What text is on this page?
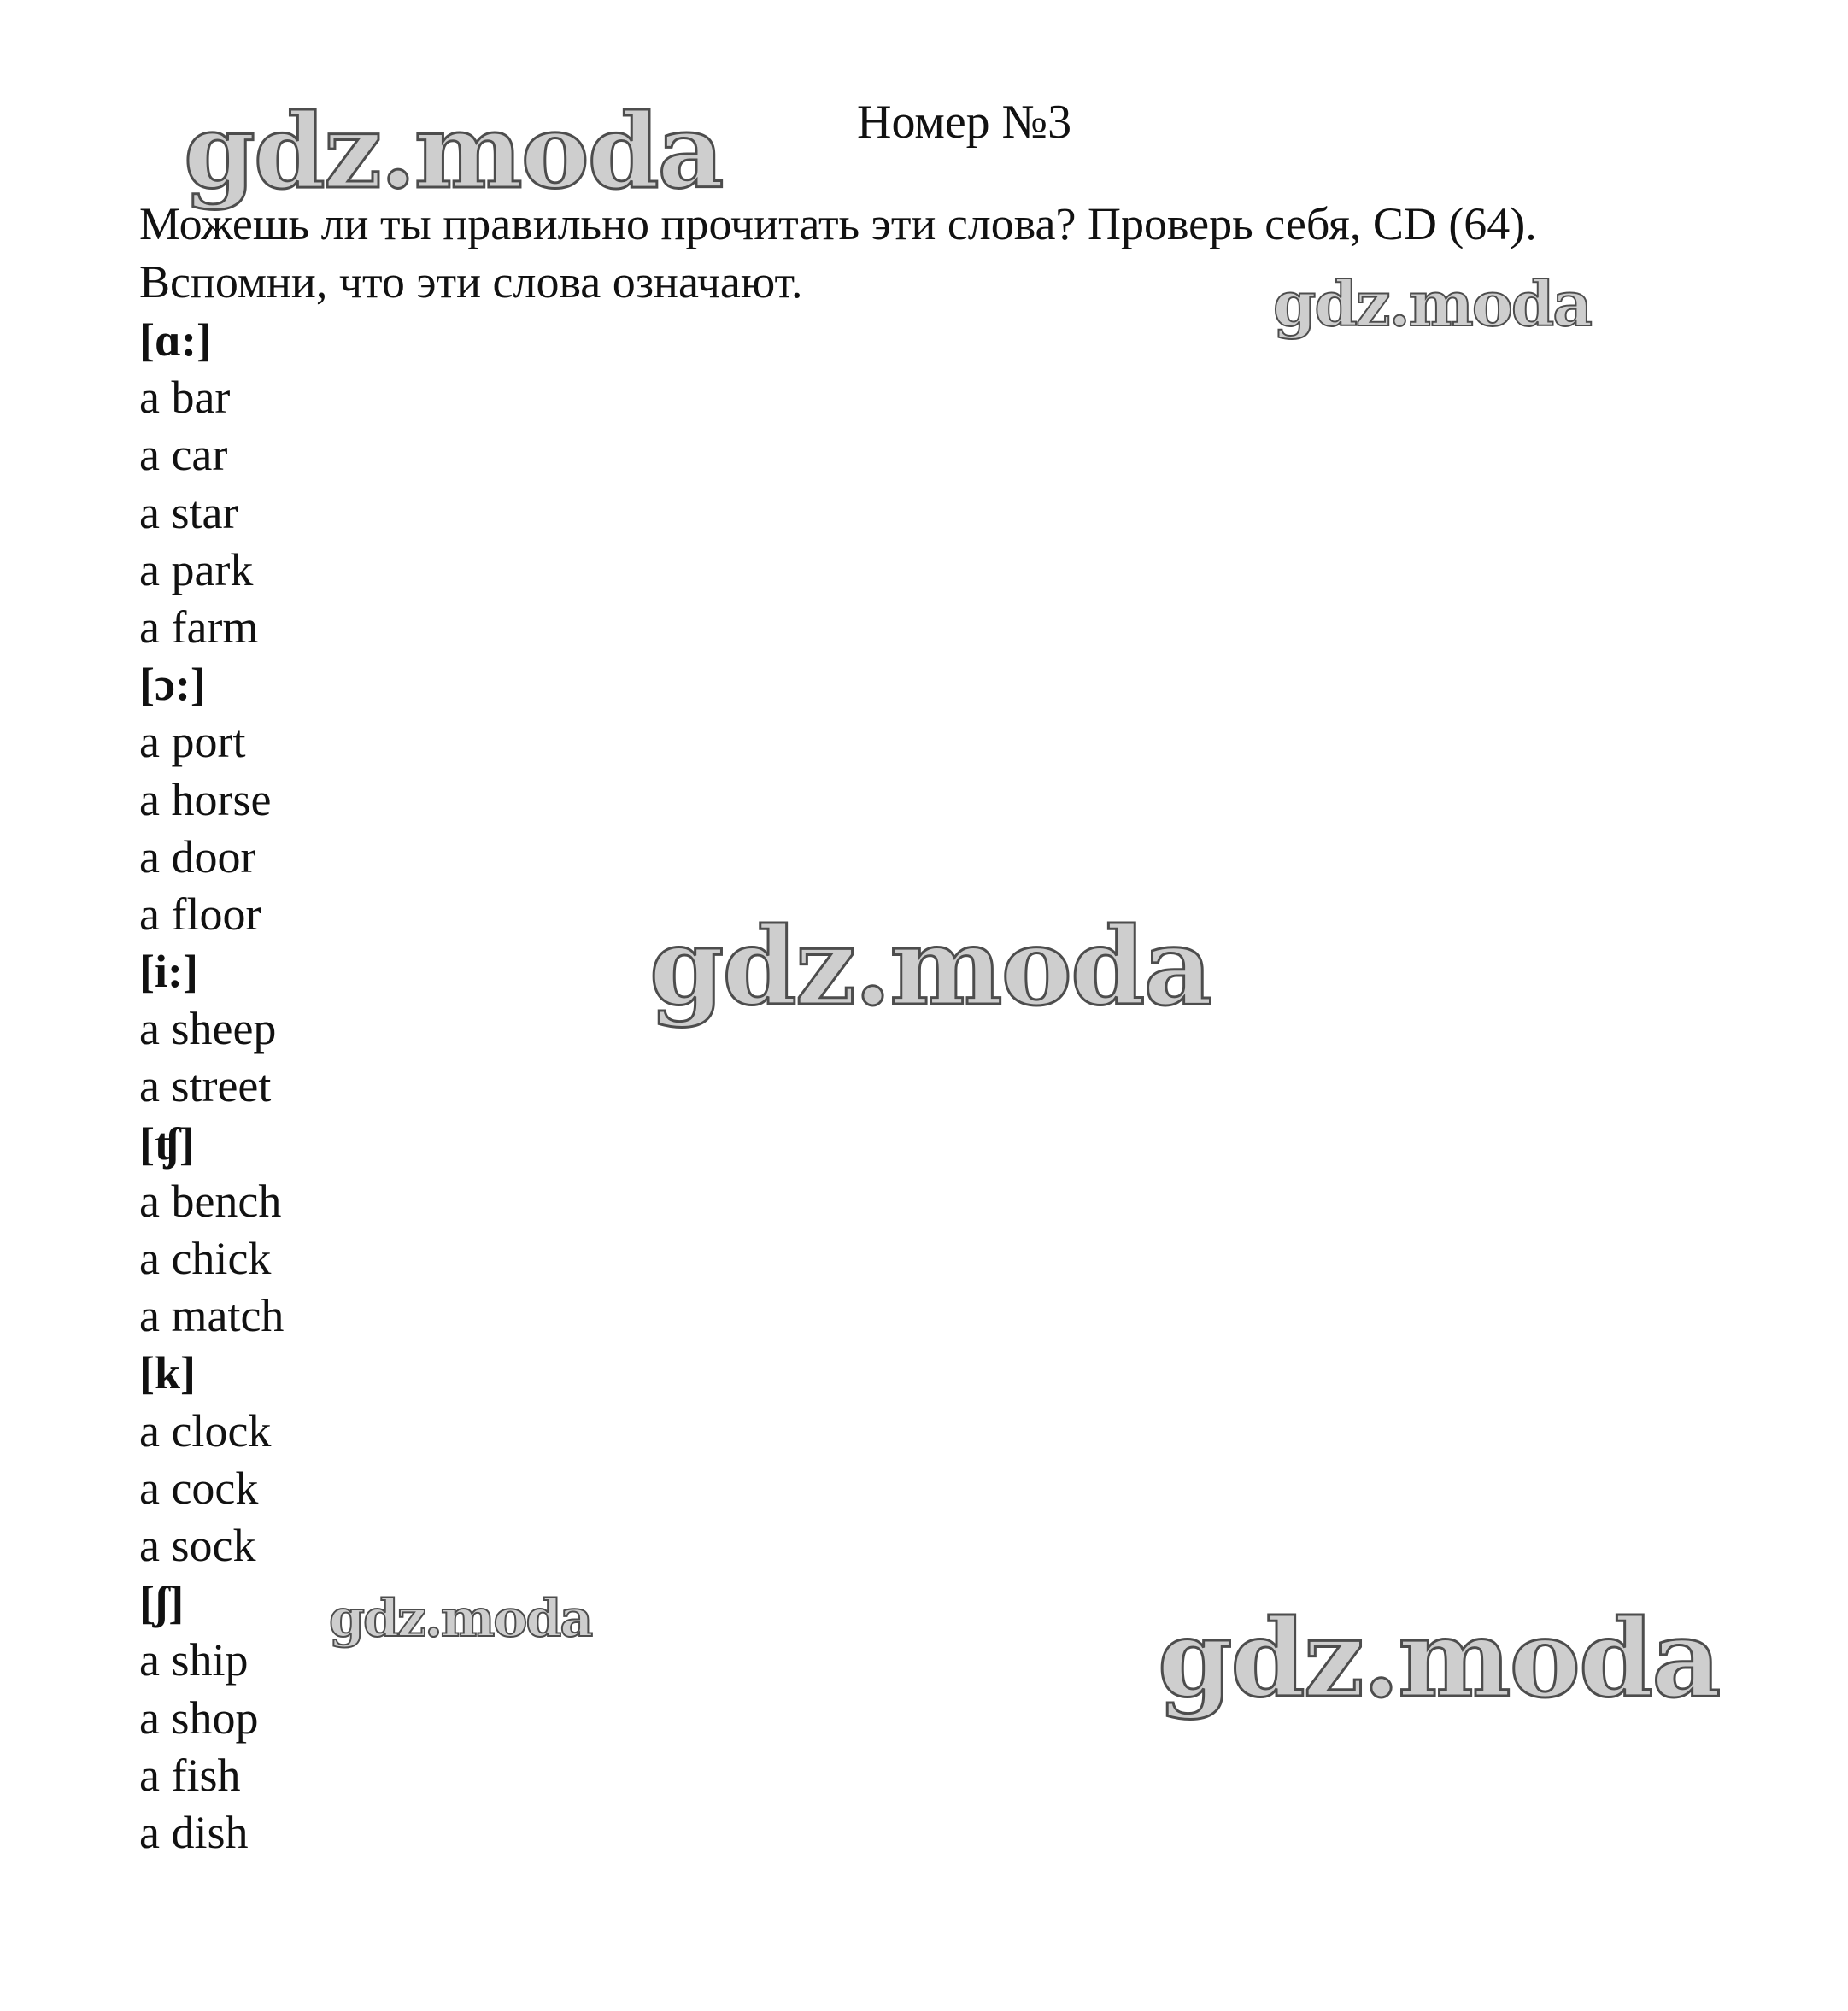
gdz.moda
gdz.moda
gdz.moda
gdz.moda	gdz.moda
Номер №3

Можешь ли ты правильно прочитать эти слова? Проверь себя, CD (64).

Вспомни, что эти слова означают.

[ɑ:]
a bar
a car
a star
a park
a farm
[ɔ:]
a port
a horse
a door
a floor
[i:]
a sheep
a street
[ʧ]
a bench
a chick
a match
[k]
a clock
a cock
a sock
[ʃ]
a ship
a shop
a fish
a dish
